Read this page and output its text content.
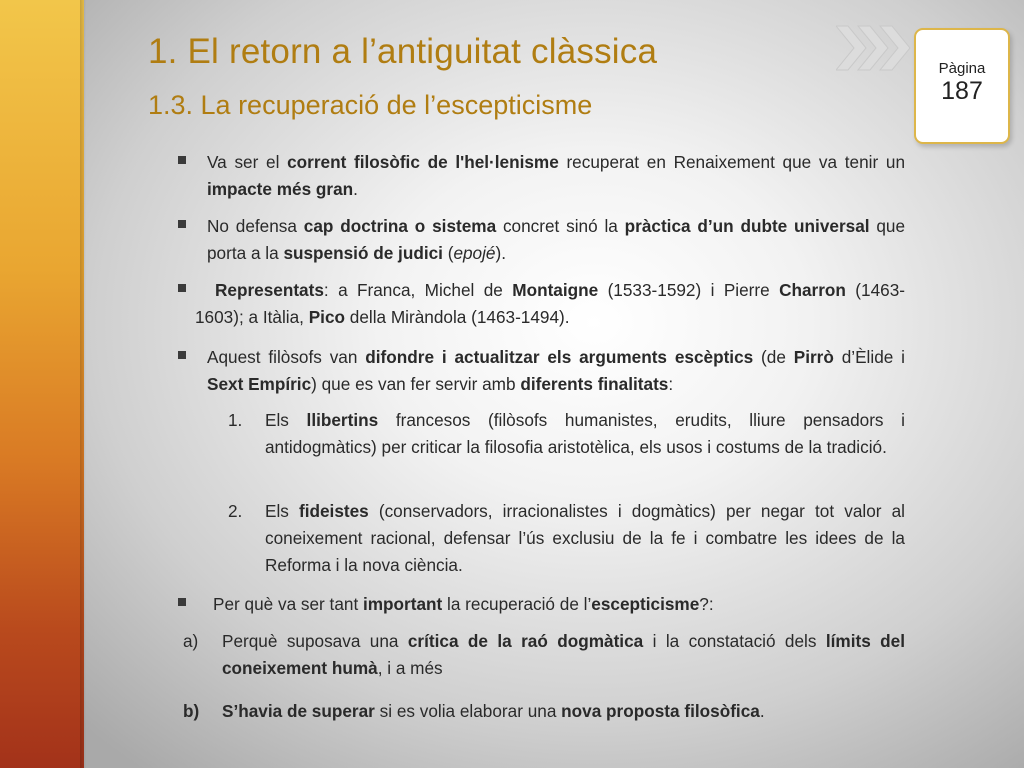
1. El retorn a l’antiguitat clàssica
1.3. La recuperació de l’escepticisme
Pàgina
187
Va ser el corrent filosòfic de l'hel·lenisme recuperat en Renaixement que va tenir un impacte més gran.
No defensa cap doctrina o sistema concret sinó la pràctica d’un dubte universal que porta a la suspensió de judici (epojé).
Representats: a Franca, Michel de Montaigne (1533-1592) i Pierre Charron (1463-1603); a Itàlia, Pico della Miràndola (1463-1494).
Aquest filòsofs van difondre i actualitzar els arguments escèptics (de Pirrò d’Èlide i Sext Empíric) que es van fer servir amb diferents finalitats:
1. Els llibertins francesos (filòsofs humanistes, erudits, lliure pensadors i antidogmàtics) per criticar la filosofia aristotèlica, els usos i costums de la tradició.
2. Els fideistes (conservadors, irracionalistes i dogmàtics) per negar tot valor al coneixement racional, defensar l’ús exclusiu de la fe i combatre les idees de la Reforma i la nova ciència.
Per què va ser tant important la recuperació de l’escepticisme?:
a) Perquè suposava una crítica de la raó dogmàtica i la constatació dels límits del coneixement humà, i a més
b) S’havia de superar si es volia elaborar una nova proposta filosòfica.
